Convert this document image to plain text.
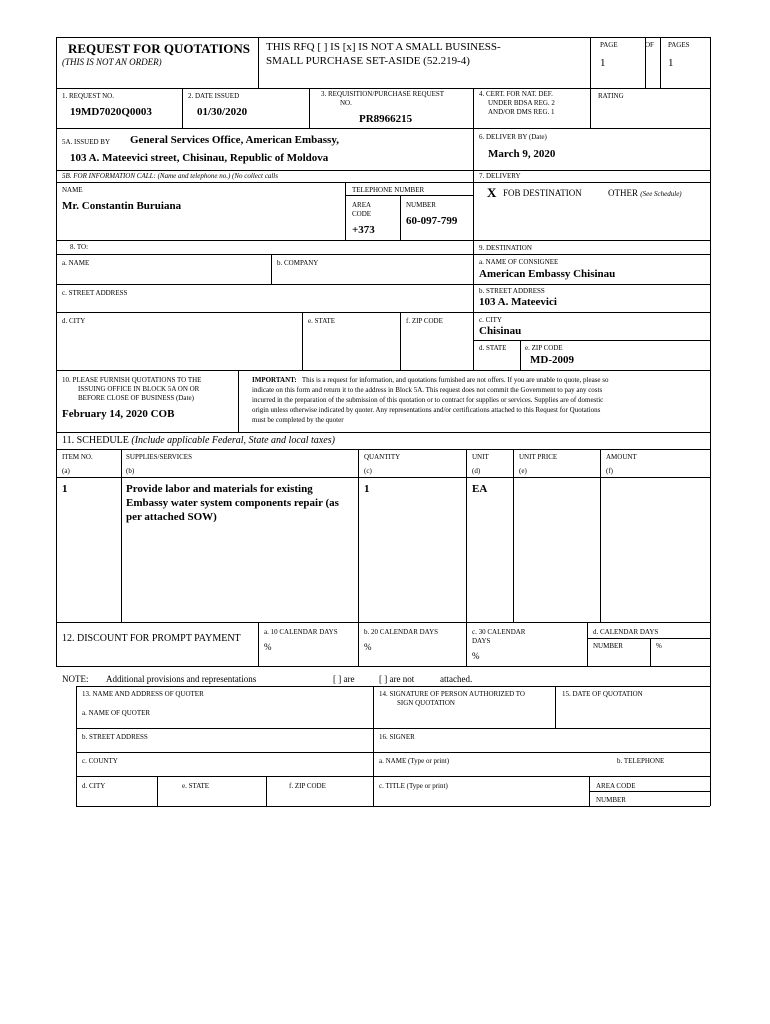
REQUEST FOR QUOTATIONS
(THIS IS NOT AN ORDER)
THIS RFQ [ ] IS [x] IS NOT A SMALL BUSINESS-
SMALL PURCHASE SET-ASIDE (52.219-4)
PAGE	OF PAGES
1	1
1. REQUEST NO.
19MD7020Q0003
2. DATE ISSUED
01/30/2020
3. REQUISITION/PURCHASE REQUEST
NO.
PR8966215
4. CERT. FOR NAT. DEF.
UNDER BDSA REG. 2
AND/OR DMS REG. 1
RATING
5A. ISSUED BY General Services Office, American Embassy,
103 A. Mateevici street, Chisinau, Republic of Moldova
6. DELIVER BY (Date)
March 9, 2020
5B. FOR INFORMATION CALL: (Name and telephone no.) (No collect calls
NAME
Mr. Constantin Buruiana
TELEPHONE NUMBER
AREA
CODE
+373
NUMBER
60-097-799
7. DELIVERY
X FOB DESTINATION	OTHER (See Schedule)
8. TO:
a. NAME	b. COMPANY
c. STREET ADDRESS
d. CITY	e. STATE	f. ZIP CODE
9. DESTINATION
a. NAME OF CONSIGNEE
American Embassy Chisinau
b. STREET ADDRESS
103 A. Mateevici
c. CITY
Chisinau
d. STATE	e. ZIP CODE
MD-2009
10. PLEASE FURNISH QUOTATIONS TO THE
ISSUING OFFICE IN BLOCK 5A ON OR
BEFORE CLOSE OF BUSINESS (Date)
February 14, 2020 COB
IMPORTANT: This is a request for information, and quotations furnished are not offers. If you are unable to quote, please so
indicate on this form and return it to the address in Block 5A. This request does not commit the Government to pay any costs
incurred in the preparation of the submission of this quotation or to contract for supplies or services. Supplies are of domestic
origin unless otherwise indicated by quoter. Any representations and/or certifications attached to this Request for Quotations
must be completed by the quoter
11. SCHEDULE (Include applicable Federal, State and local taxes)
ITEM NO.	SUPPLIES/SERVICES	QUANTITY	UNIT	UNIT PRICE	AMOUNT
(a)	(b)	(c)	(d)	(e)	(f)
1	Provide labor and materials for existing
Embassy water system components repair (as
per attached SOW)
1	EA
12. DISCOUNT FOR PROMPT PAYMENT
a. 10 CALENDAR DAYS
%
b. 20 CALENDAR DAYS
%
c. 30 CALENDAR
DAYS
%
d. CALENDAR DAYS
NUMBER	%
NOTE: Additional provisions and representations	[ ] are	[ ] are not	attached.
13. NAME AND ADDRESS OF QUOTER
a. NAME OF QUOTER
b. STREET ADDRESS
c. COUNTY
d. CITY	e. STATE	f. ZIP CODE
14. SIGNATURE OF PERSON AUTHORIZED TO
SIGN QUOTATION
15. DATE OF QUOTATION
16. SIGNER
a. NAME (Type or print)	b. TELEPHONE
c. TITLE (Type or print)	AREA CODE
NUMBER
